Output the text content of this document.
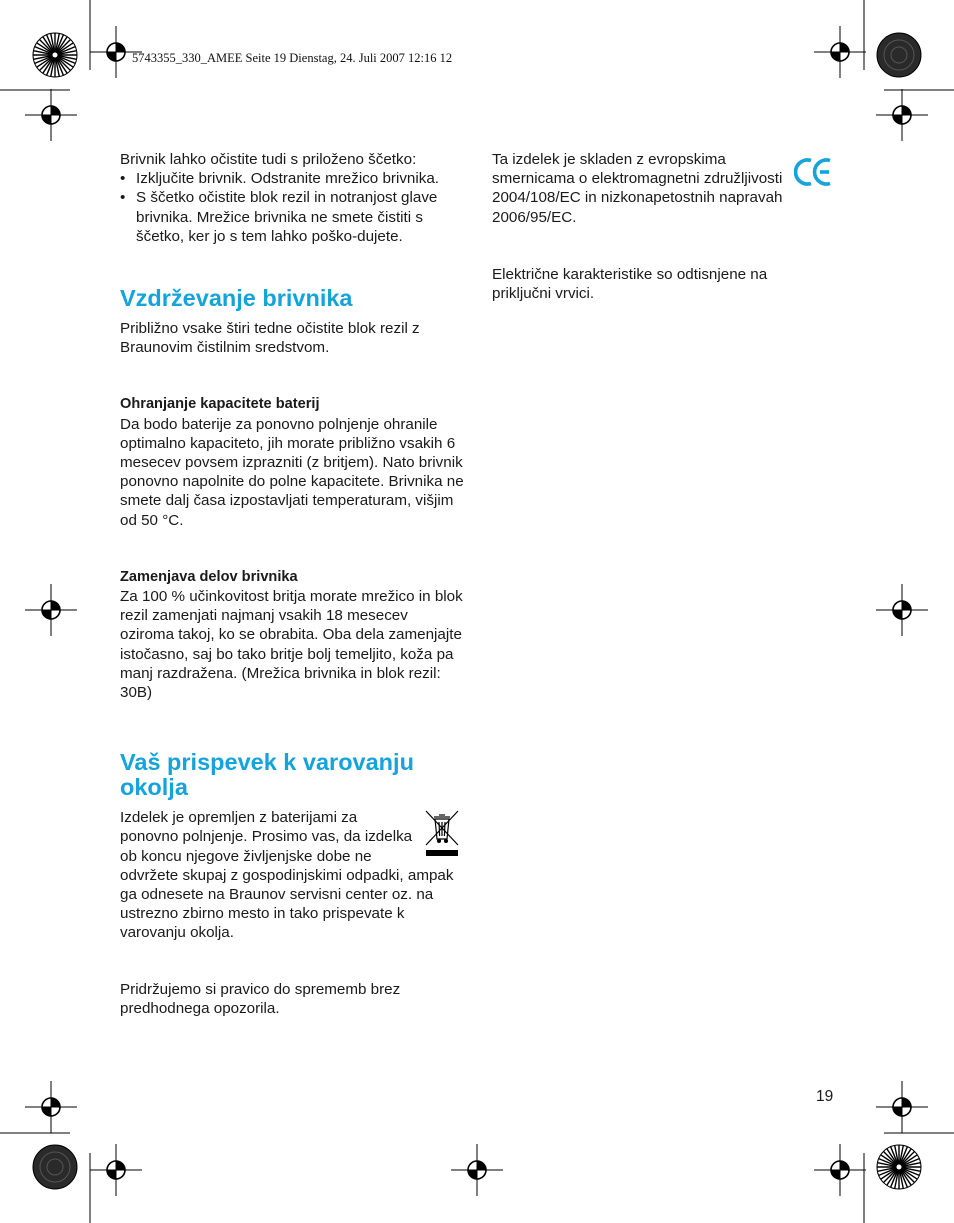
5743355_330_AMEE Seite 19 Dienstag, 24. Juli 2007 12:16 12

Brivnik lahko očistite tudi s priloženo ščetko:

• Izključite brivnik. Odstranite mrežico brivnika.
• S ščetko očistite blok rezil in notranjost glave brivnika. Mrežice brivnika ne smete čistiti s ščetko, ker jo s tem lahko poško-dujete.
Vzdrževanje brivnika

Približno vsake štiri tedne očistite blok rezil z Braunovim čistilnim sredstvom.

Ohranjanje kapacitete baterij

Da bodo baterije za ponovno polnjenje ohranile optimalno kapaciteto, jih morate približno vsakih 6 mesecev povsem izprazniti (z britjem). Nato brivnik ponovno napolnite do polne kapacitete. Brivnika ne smete dalj časa izpostavljati temperaturam, višjim od 50 °C.

Zamenjava delov brivnika

Za 100 % učinkovitost britja morate mrežico in blok rezil zamenjati najmanj vsakih 18 mesecev oziroma takoj, ko se obrabita. Oba dela zamenjajte istočasno, saj bo tako britje bolj temeljito, koža pa manj razdražena. (Mrežica brivnika in blok rezil: 30B)

Vaš prispevek k varovanju okolja

Izdelek je opremljen z baterijami za ponovno polnjenje. Prosimo vas, da izdelka ob koncu njegove življenjske dobe ne odvržete skupaj z gospodinjskimi odpadki, ampak ga odnesete na Braunov servisni center oz. na ustrezno zbirno mesto in tako prispevate k varovanju okolja.

Pridržujemo si pravico do sprememb brez predhodnega opozorila.

Ta izdelek je skladen z evropskima smernicama o elektromagnetni združljivosti 2004/108/EC in nizkonapetostnih napravah 2006/95/EC.

Električne karakteristike so odtisnjene na priključni vrvici.

19
